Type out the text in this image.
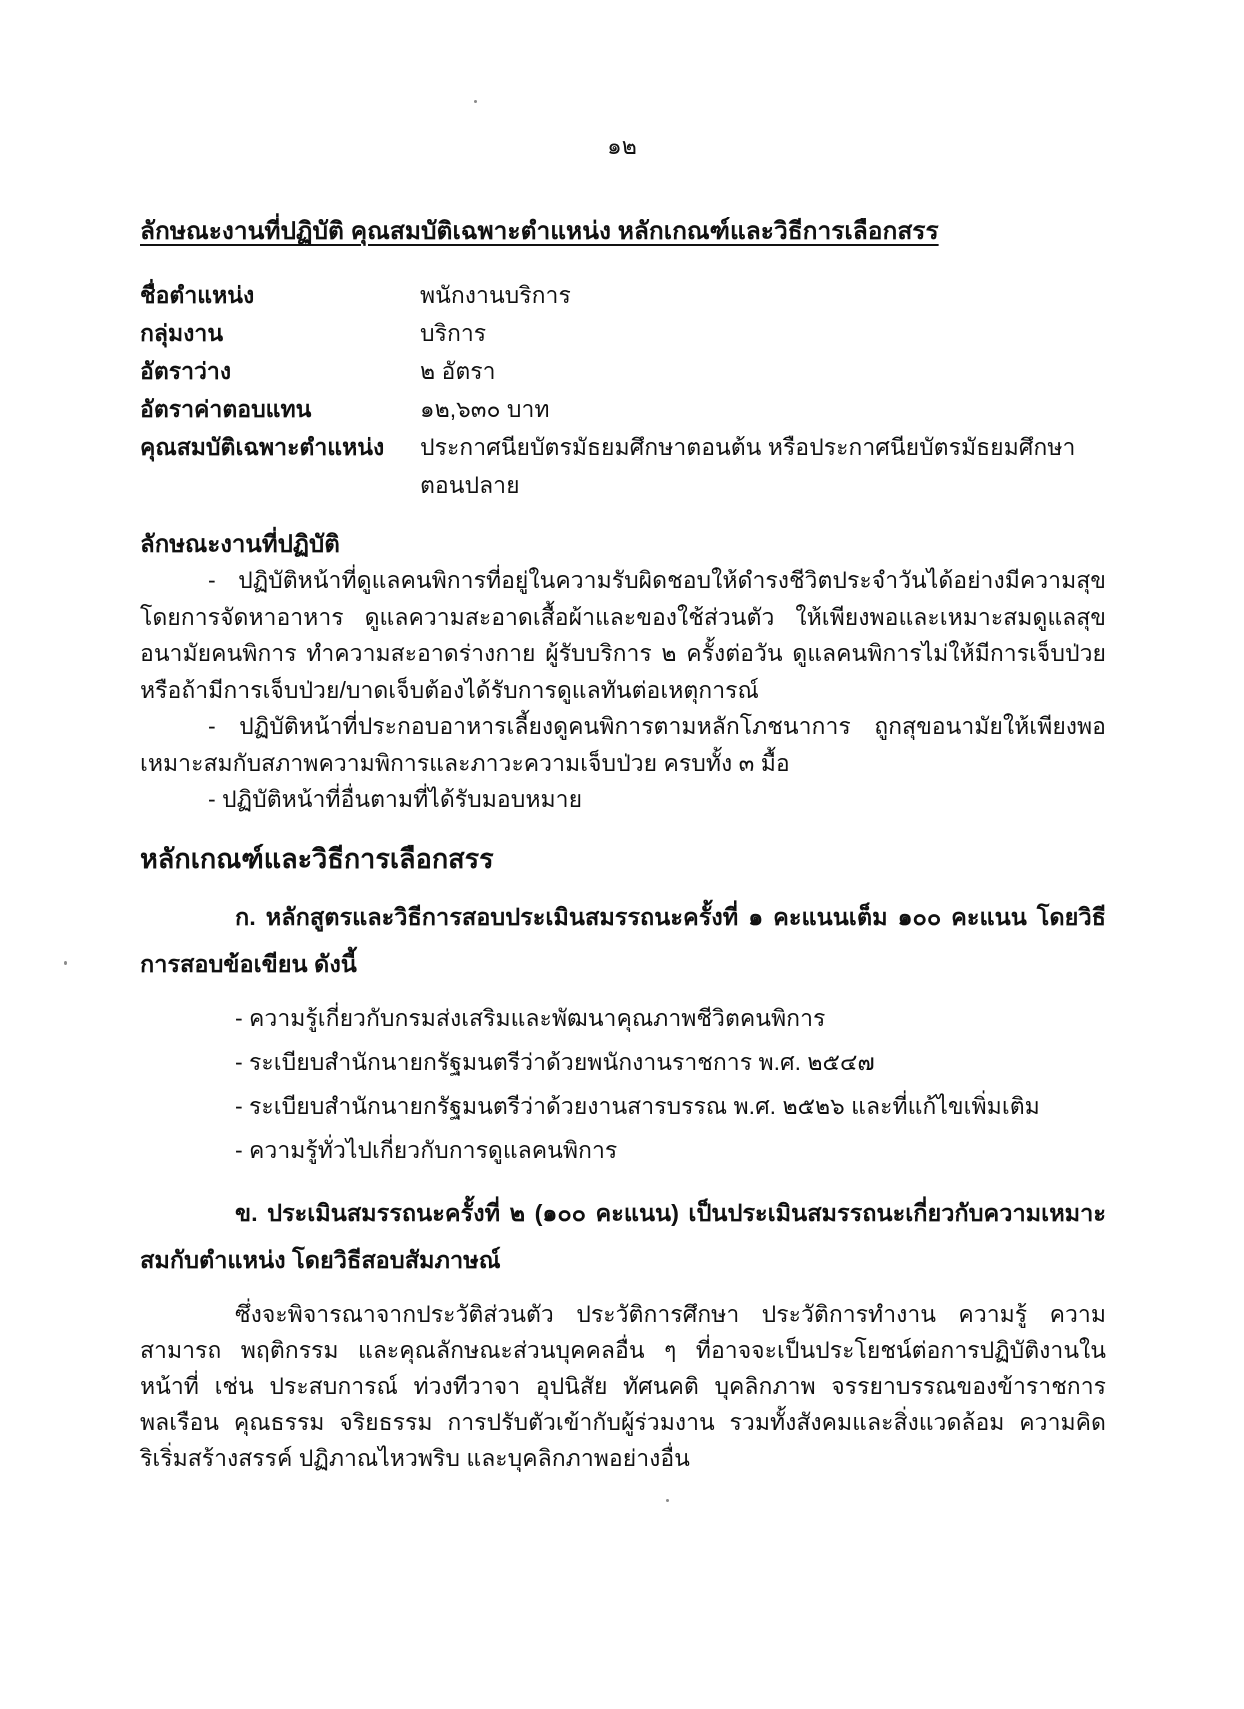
๑๒
ลักษณะงานที่ปฏิบัติ คุณสมบัติเฉพาะตำแหน่ง หลักเกณฑ์และวิธีการเลือกสรร
ชื่อตำแหน่ง	พนักงานบริการ
กลุ่มงาน	บริการ
อัตราว่าง	๒ อัตรา
อัตราค่าตอบแทน	๑๒,๖๓๐ บาท
คุณสมบัติเฉพาะตำแหน่ง	ประกาศนียบัตรมัธยมศึกษาตอนต้น หรือประกาศนียบัตรมัธยมศึกษาตอนปลาย
ลักษณะงานที่ปฏิบัติ

- ปฏิบัติหน้าที่ดูแลคนพิการที่อยู่ในความรับผิดชอบให้ดำรงชีวิตประจำวันได้อย่างมีความสุข โดยการจัดหาอาหาร ดูแลความสะอาดเสื้อผ้าและของใช้ส่วนตัว ให้เพียงพอและเหมาะสมดูแลสุขอนามัยคนพิการ ทำความสะอาดร่างกาย ผู้รับบริการ ๒ ครั้งต่อวัน ดูแลคนพิการไม่ให้มีการเจ็บป่วยหรือถ้ามีการเจ็บป่วย/บาดเจ็บต้องได้รับการดูแลทันต่อเหตุการณ์

- ปฏิบัติหน้าที่ประกอบอาหารเลี้ยงดูคนพิการตามหลักโภชนาการ ถูกสุขอนามัยให้เพียงพอเหมาะสมกับสภาพความพิการและภาวะความเจ็บป่วย ครบทั้ง ๓ มื้อ

- ปฏิบัติหน้าที่อื่นตามที่ได้รับมอบหมาย

หลักเกณฑ์และวิธีการเลือกสรร

ก. หลักสูตรและวิธีการสอบประเมินสมรรถนะครั้งที่ ๑ คะแนนเต็ม ๑๐๐ คะแนน โดยวิธีการสอบข้อเขียน ดังนี้

- ความรู้เกี่ยวกับกรมส่งเสริมและพัฒนาคุณภาพชีวิตคนพิการ
- ระเบียบสำนักนายกรัฐมนตรีว่าด้วยพนักงานราชการ พ.ศ. ๒๕๔๗
- ระเบียบสำนักนายกรัฐมนตรีว่าด้วยงานสารบรรณ พ.ศ. ๒๕๒๖ และที่แก้ไขเพิ่มเติม
- ความรู้ทั่วไปเกี่ยวกับการดูแลคนพิการ

ข. ประเมินสมรรถนะครั้งที่ ๒ (๑๐๐ คะแนน) เป็นประเมินสมรรถนะเกี่ยวกับความเหมาะสมกับตำแหน่ง โดยวิธีสอบสัมภาษณ์

ซึ่งจะพิจารณาจากประวัติส่วนตัว ประวัติการศึกษา ประวัติการทำงาน ความรู้ ความสามารถ พฤติกรรม และคุณลักษณะส่วนบุคคลอื่น ๆ ที่อาจจะเป็นประโยชน์ต่อการปฏิบัติงานในหน้าที่ เช่น ประสบการณ์ ท่วงทีวาจา อุปนิสัย ทัศนคติ บุคลิกภาพ จรรยาบรรณของข้าราชการพลเรือน คุณธรรม จริยธรรม การปรับตัวเข้ากับผู้ร่วมงาน รวมทั้งสังคมและสิ่งแวดล้อม ความคิดริเริ่มสร้างสรรค์ ปฏิภาณไหวพริบ และบุคลิกภาพอย่างอื่น
